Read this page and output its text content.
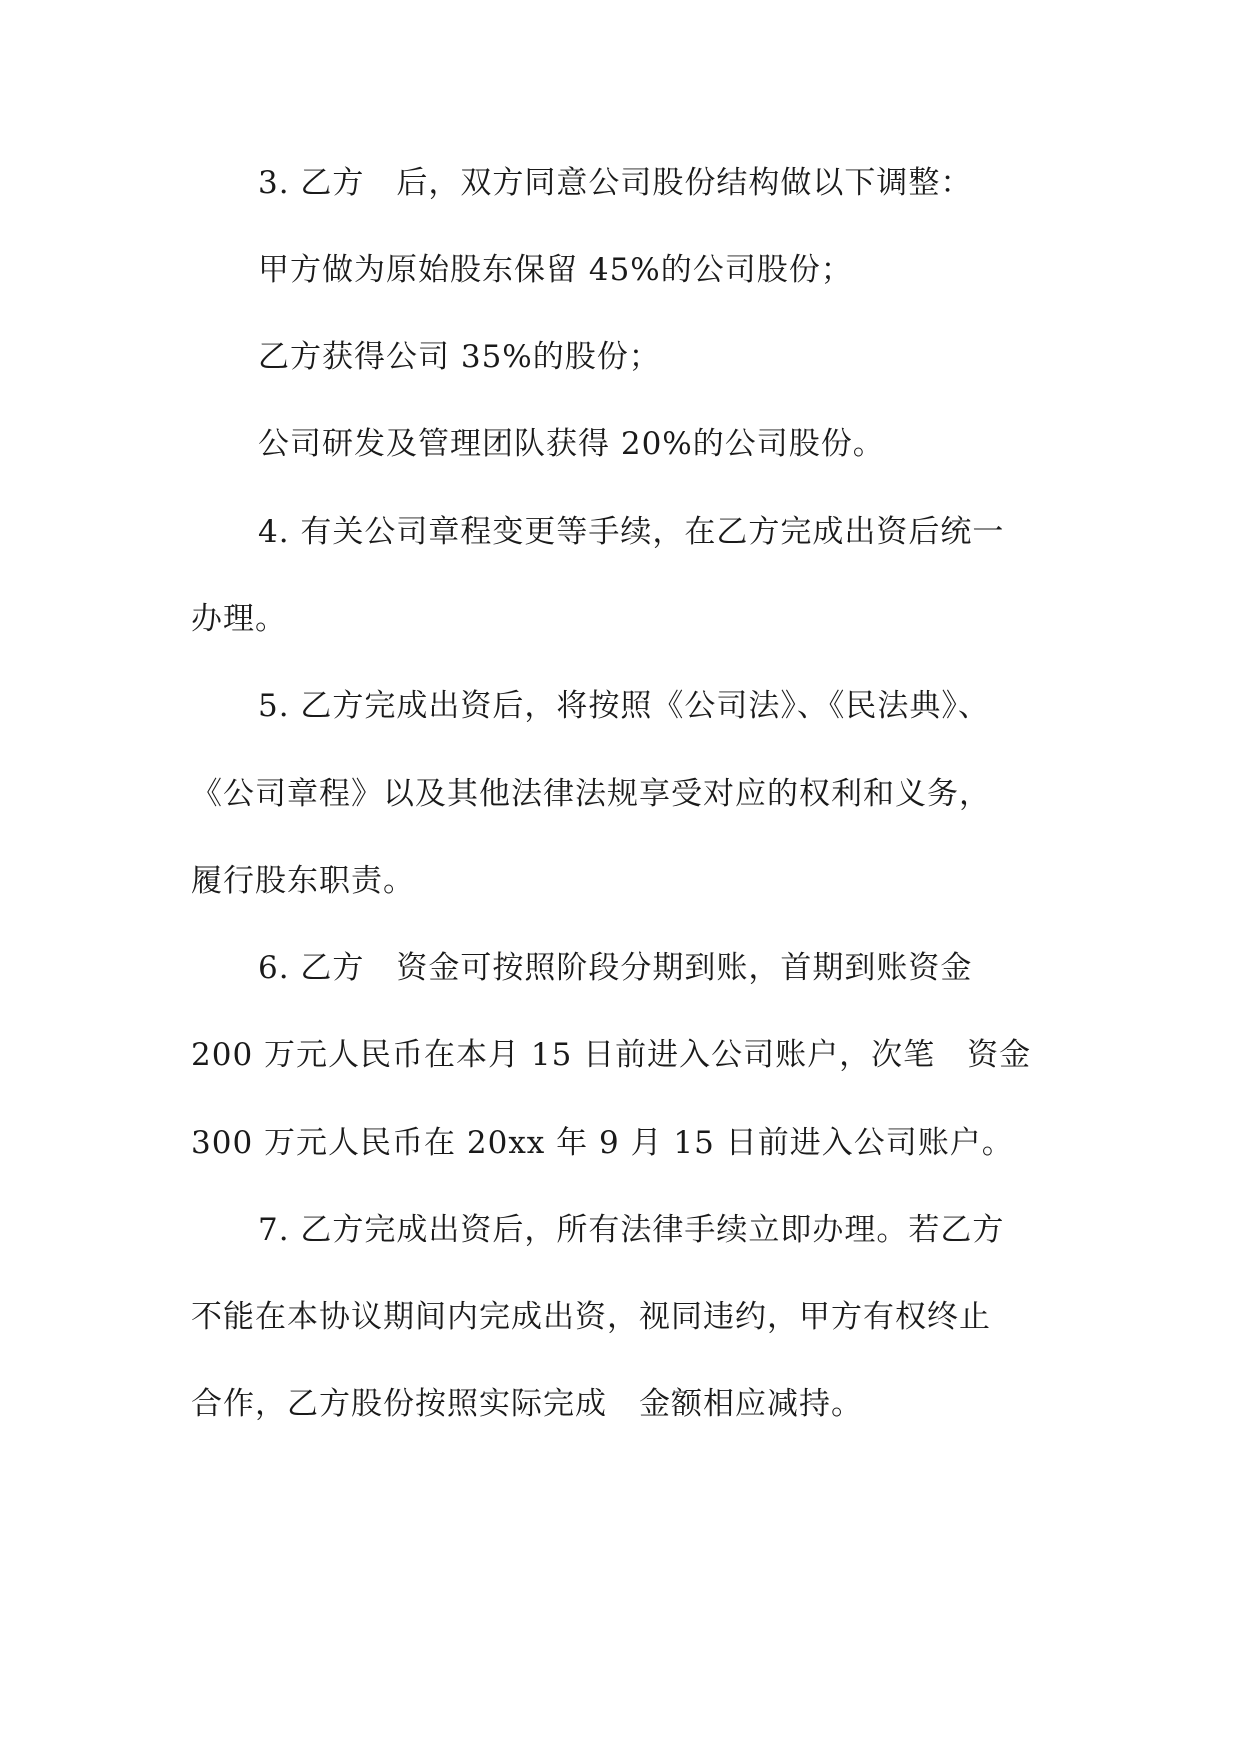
3. 乙方　后，双方同意公司股份结构做以下调整：
甲方做为原始股东保留 45%的公司股份；
乙方获得公司 35%的股份；
公司研发及管理团队获得 20%的公司股份。
4. 有关公司章程变更等手续，在乙方完成出资后统一
办理。
5. 乙方完成出资后，将按照《公司法》、《民法典》、
《公司章程》以及其他法律法规享受对应的权利和义务，
履行股东职责。
6. 乙方　资金可按照阶段分期到账，首期到账资金
200 万元人民币在本月 15 日前进入公司账户，次笔　资金
300 万元人民币在 20xx 年 9 月 15 日前进入公司账户。
7. 乙方完成出资后，所有法律手续立即办理。若乙方
不能在本协议期间内完成出资，视同违约，甲方有权终止
合作，乙方股份按照实际完成　金额相应减持。
